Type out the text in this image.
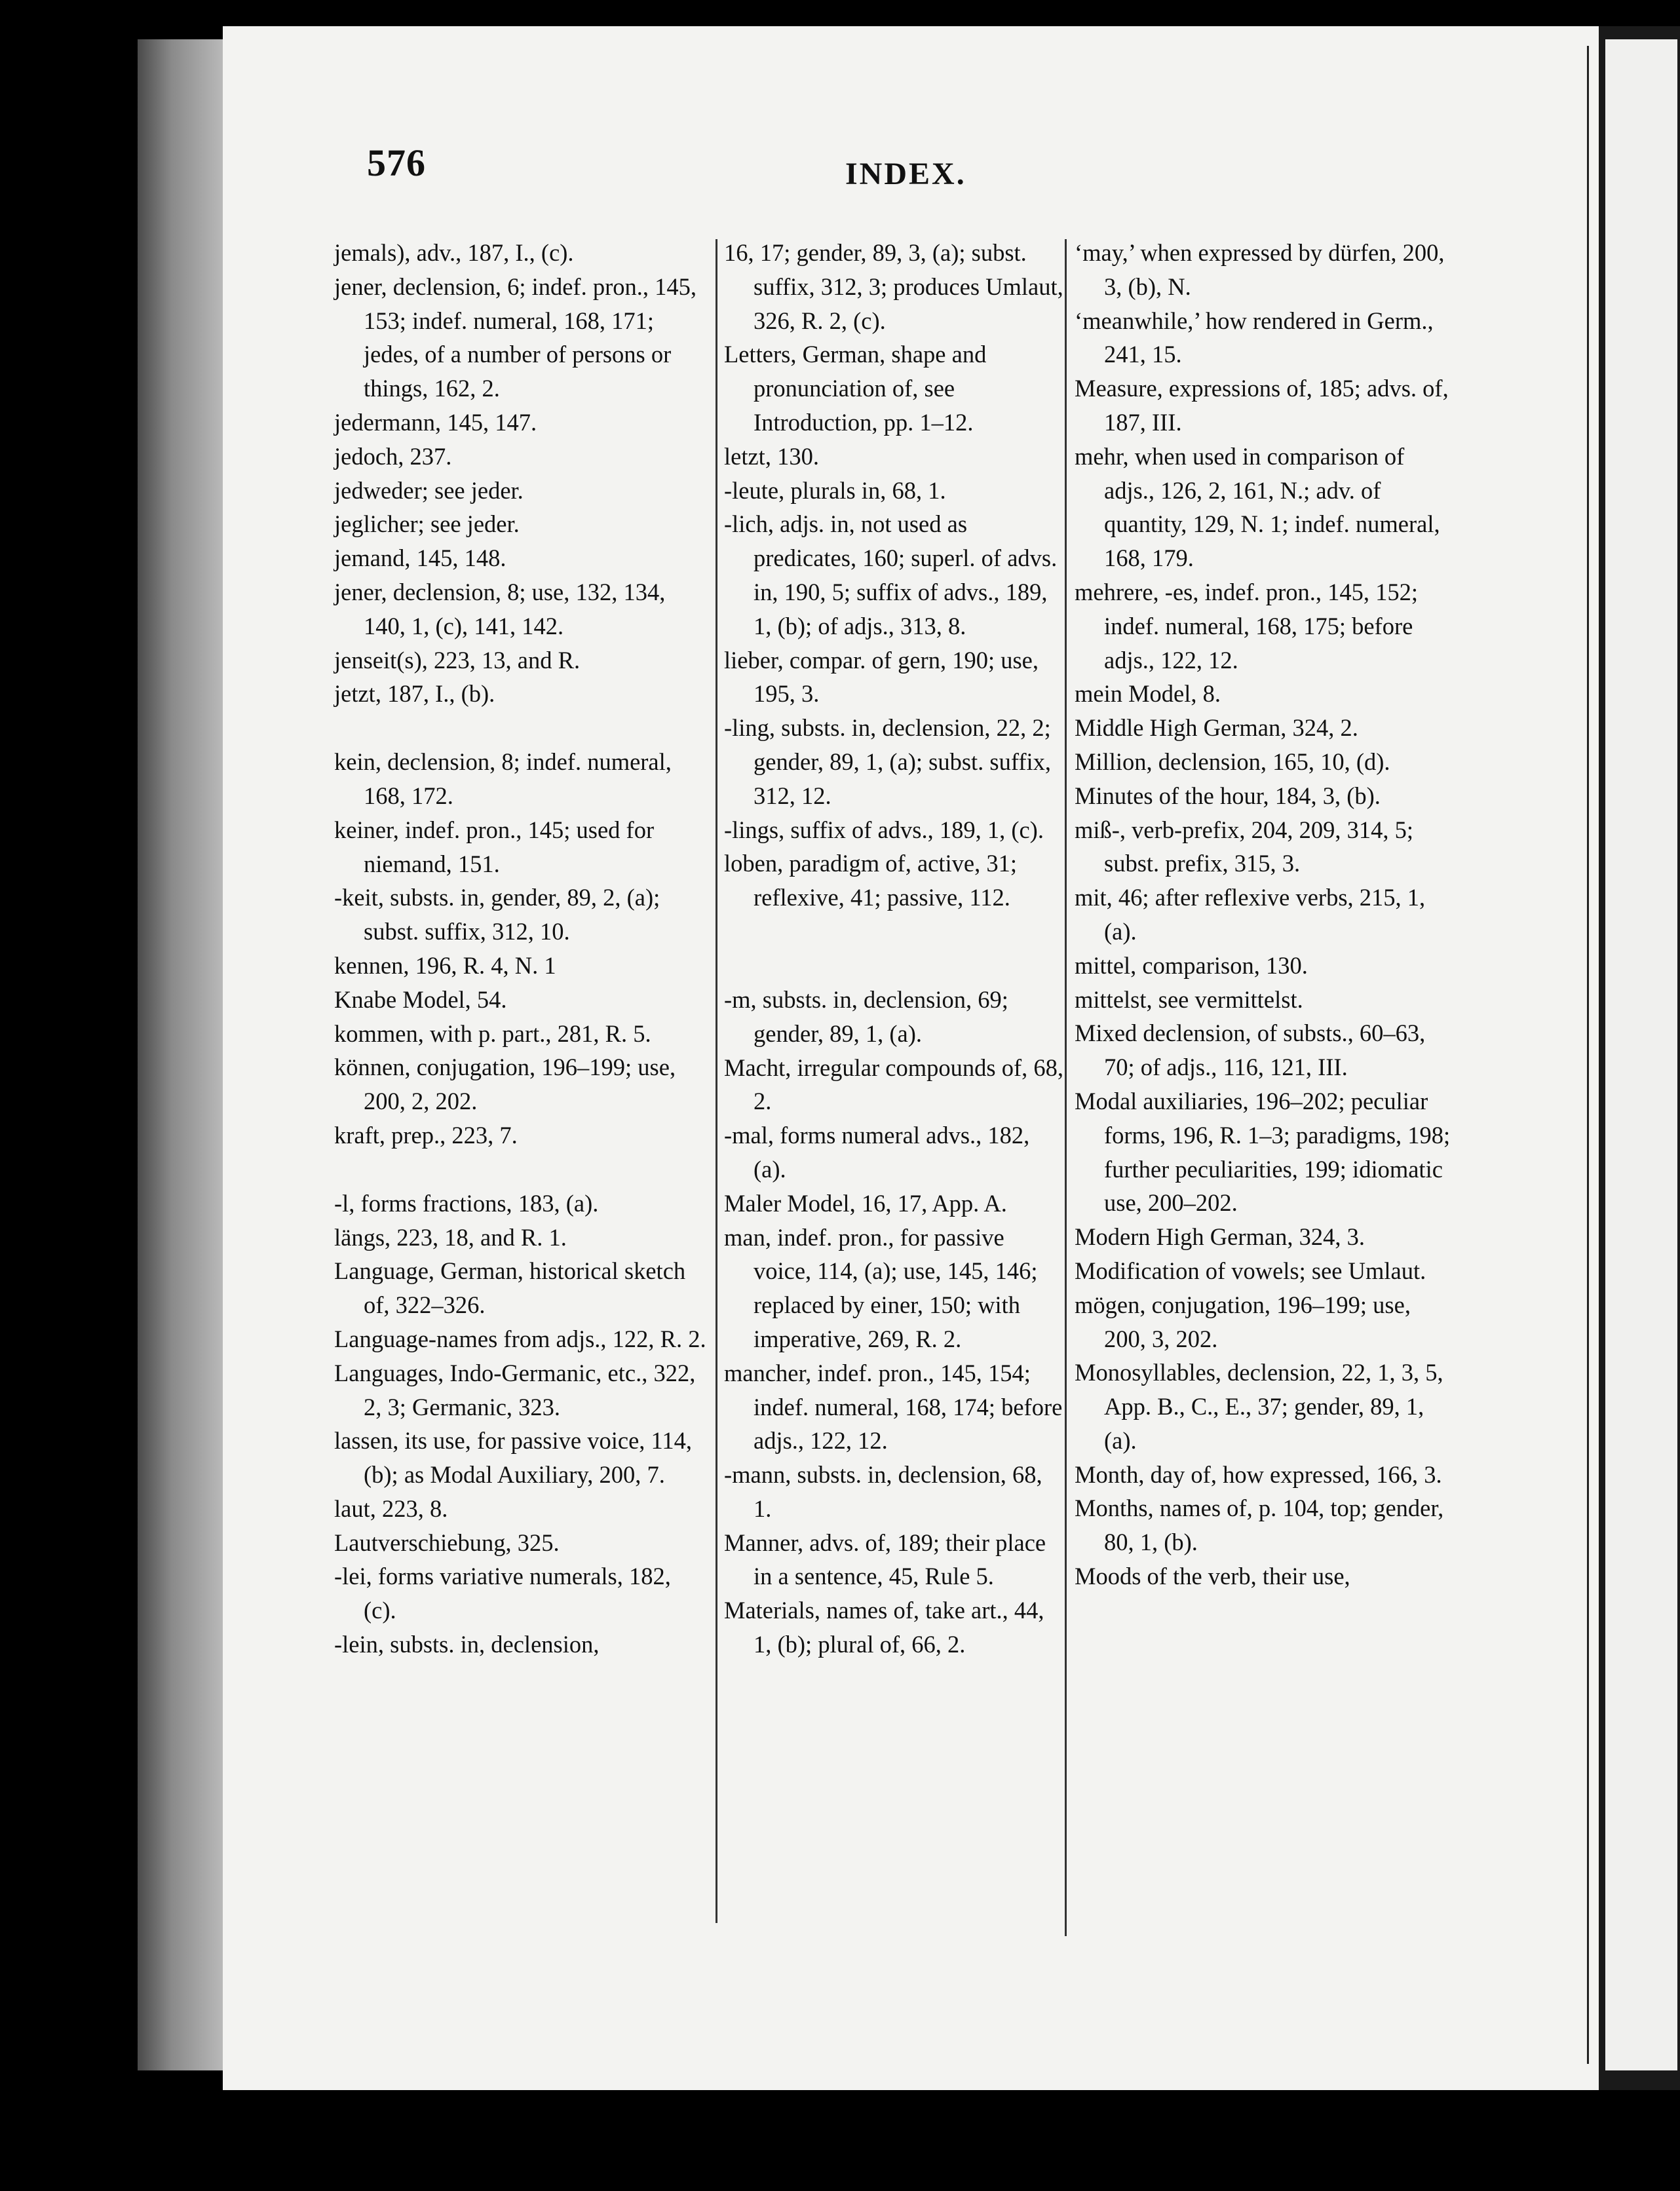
576	INDEX.

jemals), adv., 187, I., (c).

jener, declension, 6; indef. pron., 145, 153; indef. numeral, 168, 171; jedes, of a number of persons or things, 162, 2.

jedermann, 145, 147.

jedoch, 237.

jedweder; see jeder.

jeglicher; see jeder.

jemand, 145, 148.

jener, declension, 8; use, 132, 134, 140, 1, (c), 141, 142.

jenseit(s), 223, 13, and R.

jetzt, 187, I., (b).

kein, declension, 8; indef. numeral, 168, 172.

keiner, indef. pron., 145; used for niemand, 151.

-keit, substs. in, gender, 89, 2, (a); subst. suffix, 312, 10.

kennen, 196, R. 4, N. 1

Knabe Model, 54.

kommen, with p. part., 281, R. 5.

können, conjugation, 196–199; use, 200, 2, 202.

kraft, prep., 223, 7.

-l, forms fractions, 183, (a).

längs, 223, 18, and R. 1.

Language, German, historical sketch of, 322–326.

Language-names from adjs., 122, R. 2.

Languages, Indo-Germanic, etc., 322, 2, 3; Germanic, 323.

lassen, its use, for passive voice, 114, (b); as Modal Auxiliary, 200, 7.

laut, 223, 8.

Lautverschiebung, 325.

-lei, forms variative numerals, 182, (c).

-lein, substs. in, declension,

16, 17; gender, 89, 3, (a); subst. suffix, 312, 3; produces Umlaut, 326, R. 2, (c).

Letters, German, shape and pronunciation of, see Introduction, pp. 1–12.

letzt, 130.

-leute, plurals in, 68, 1.

-lich, adjs. in, not used as predicates, 160; superl. of advs. in, 190, 5; suffix of advs., 189, 1, (b); of adjs., 313, 8.

lieber, compar. of gern, 190; use, 195, 3.

-ling, substs. in, declension, 22, 2; gender, 89, 1, (a); subst. suffix, 312, 12.

-lings, suffix of advs., 189, 1, (c).

loben, paradigm of, active, 31; reflexive, 41; passive, 112.

-m, substs. in, declension, 69; gender, 89, 1, (a).

Macht, irregular compounds of, 68, 2.

-mal, forms numeral advs., 182, (a).

Maler Model, 16, 17, App. A.

man, indef. pron., for passive voice, 114, (a); use, 145, 146; replaced by einer, 150; with imperative, 269, R. 2.

mancher, indef. pron., 145, 154; indef. numeral, 168, 174; before adjs., 122, 12.

-mann, substs. in, declension, 68, 1.

Manner, advs. of, 189; their place in a sentence, 45, Rule 5.

Materials, names of, take art., 44, 1, (b); plural of, 66, 2.

‘may,’ when expressed by dürfen, 200, 3, (b), N.

‘meanwhile,’ how rendered in Germ., 241, 15.

Measure, expressions of, 185; advs. of, 187, III.

mehr, when used in comparison of adjs., 126, 2, 161, N.; adv. of quantity, 129, N. 1; indef. numeral, 168, 179.

mehrere, -es, indef. pron., 145, 152; indef. numeral, 168, 175; before adjs., 122, 12.

mein Model, 8.

Middle High German, 324, 2.

Million, declension, 165, 10, (d).

Minutes of the hour, 184, 3, (b).

miß-, verb-prefix, 204, 209, 314, 5; subst. prefix, 315, 3.

mit, 46; after reflexive verbs, 215, 1, (a).

mittel, comparison, 130.

mittelst, see vermittelst.

Mixed declension, of substs., 60–63, 70; of adjs., 116, 121, III.

Modal auxiliaries, 196–202; peculiar forms, 196, R. 1–3; paradigms, 198; further peculiarities, 199; idiomatic use, 200–202.

Modern High German, 324, 3.

Modification of vowels; see Umlaut.

mögen, conjugation, 196–199; use, 200, 3, 202.

Monosyllables, declension, 22, 1, 3, 5, App. B., C., E., 37; gender, 89, 1, (a).

Month, day of, how expressed, 166, 3.

Months, names of, p. 104, top; gender, 80, 1, (b).

Moods of the verb, their use,
